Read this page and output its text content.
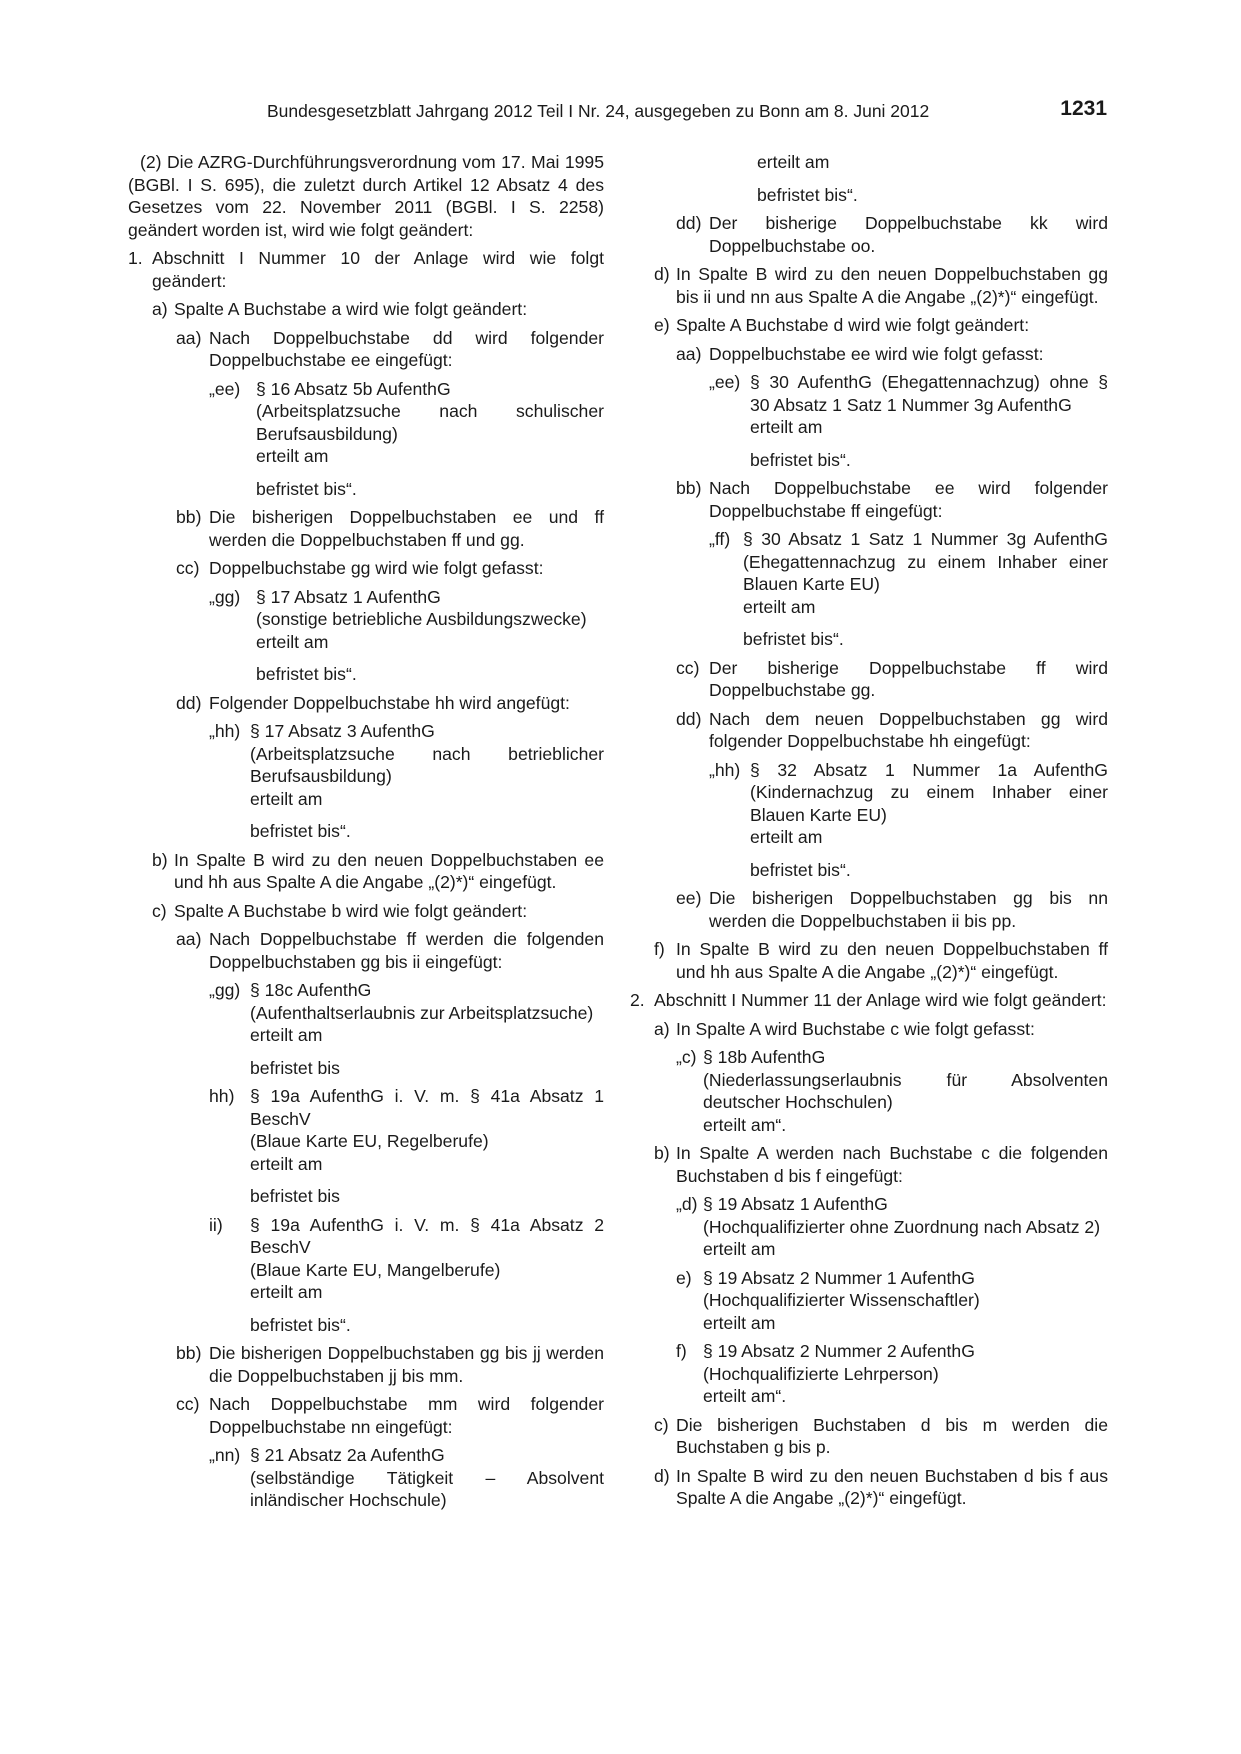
Bundesgesetzblatt Jahrgang 2012 Teil I Nr. 24, ausgegeben zu Bonn am 8. Juni 2012	1231

(2) Die AZRG-Durchführungsverordnung vom 17. Mai 1995 (BGBl. I S. 695), die zuletzt durch Artikel 12 Absatz 4 des Gesetzes vom 22. November 2011 (BGBl. I S. 2258) geändert worden ist, wird wie folgt geändert:

1. Abschnitt I Nummer 10 der Anlage wird wie folgt geändert:
a) Spalte A Buchstabe a wird wie folgt geändert:
aa) Nach Doppelbuchstabe dd wird folgender Doppelbuchstabe ee eingefügt:
„ee) § 16 Absatz 5b AufenthG
(Arbeitsplatzsuche nach schulischer Berufsausbildung)
erteilt am
befristet bis“.
bb) Die bisherigen Doppelbuchstaben ee und ff werden die Doppelbuchstaben ff und gg.
cc) Doppelbuchstabe gg wird wie folgt gefasst:
„gg) § 17 Absatz 1 AufenthG
(sonstige betriebliche Ausbildungszwecke)
erteilt am
befristet bis“.
dd) Folgender Doppelbuchstabe hh wird angefügt:
„hh) § 17 Absatz 3 AufenthG
(Arbeitsplatzsuche nach betrieblicher Berufsausbildung)
erteilt am
befristet bis“.
b) In Spalte B wird zu den neuen Doppelbuchstaben ee und hh aus Spalte A die Angabe „(2)*)“ eingefügt.
c) Spalte A Buchstabe b wird wie folgt geändert:
aa) Nach Doppelbuchstabe ff werden die folgenden Doppelbuchstaben gg bis ii eingefügt:
„gg) § 18c AufenthG
(Aufenthaltserlaubnis zur Arbeitsplatzsuche)
erteilt am
befristet bis
hh) § 19a AufenthG i. V. m. § 41a Absatz 1 BeschV
(Blaue Karte EU, Regelberufe)
erteilt am
befristet bis
ii)	§ 19a AufenthG i. V. m. § 41a Absatz 2 BeschV
(Blaue Karte EU, Mangelberufe)
erteilt am
befristet bis“.
bb) Die bisherigen Doppelbuchstaben gg bis jj werden die Doppelbuchstaben jj bis mm.
cc) Nach Doppelbuchstabe mm wird folgender Doppelbuchstabe nn eingefügt:
„nn) § 21 Absatz 2a AufenthG
(selbständige Tätigkeit – Absolvent inländischer Hochschule)
erteilt am
befristet bis“.
dd) Der bisherige Doppelbuchstabe kk wird Doppelbuchstabe oo.
d) In Spalte B wird zu den neuen Doppelbuchstaben gg bis ii und nn aus Spalte A die Angabe „(2)*)“ eingefügt.
e) Spalte A Buchstabe d wird wie folgt geändert:
aa) Doppelbuchstabe ee wird wie folgt gefasst:
„ee) § 30 AufenthG (Ehegattennachzug) ohne § 30 Absatz 1 Satz 1 Nummer 3g AufenthG
erteilt am
befristet bis“.
bb) Nach Doppelbuchstabe ee wird folgender Doppelbuchstabe ff eingefügt:
„ff) § 30 Absatz 1 Satz 1 Nummer 3g AufenthG (Ehegattennachzug zu einem Inhaber einer Blauen Karte EU)
erteilt am
befristet bis“.
cc) Der bisherige Doppelbuchstabe ff wird Doppelbuchstabe gg.
dd) Nach dem neuen Doppelbuchstaben gg wird folgender Doppelbuchstabe hh eingefügt:
„hh) § 32 Absatz 1 Nummer 1a AufenthG (Kindernachzug zu einem Inhaber einer Blauen Karte EU)
erteilt am
befristet bis“.
ee) Die bisherigen Doppelbuchstaben gg bis nn werden die Doppelbuchstaben ii bis pp.
f) In Spalte B wird zu den neuen Doppelbuchstaben ff und hh aus Spalte A die Angabe „(2)*)“ eingefügt.
2. Abschnitt I Nummer 11 der Anlage wird wie folgt geändert:
a) In Spalte A wird Buchstabe c wie folgt gefasst:
„c) § 18b AufenthG
(Niederlassungserlaubnis für Absolventen deutscher Hochschulen)
erteilt am“.
b) In Spalte A werden nach Buchstabe c die folgenden Buchstaben d bis f eingefügt:
„d) § 19 Absatz 1 AufenthG
(Hochqualifizierter ohne Zuordnung nach Absatz 2)
erteilt am
e) § 19 Absatz 2 Nummer 1 AufenthG
(Hochqualifizierter Wissenschaftler)
erteilt am
f) § 19 Absatz 2 Nummer 2 AufenthG
(Hochqualifizierte Lehrperson)
erteilt am“.
c) Die bisherigen Buchstaben d bis m werden die Buchstaben g bis p.
d) In Spalte B wird zu den neuen Buchstaben d bis f aus Spalte A die Angabe „(2)*)“ eingefügt.
